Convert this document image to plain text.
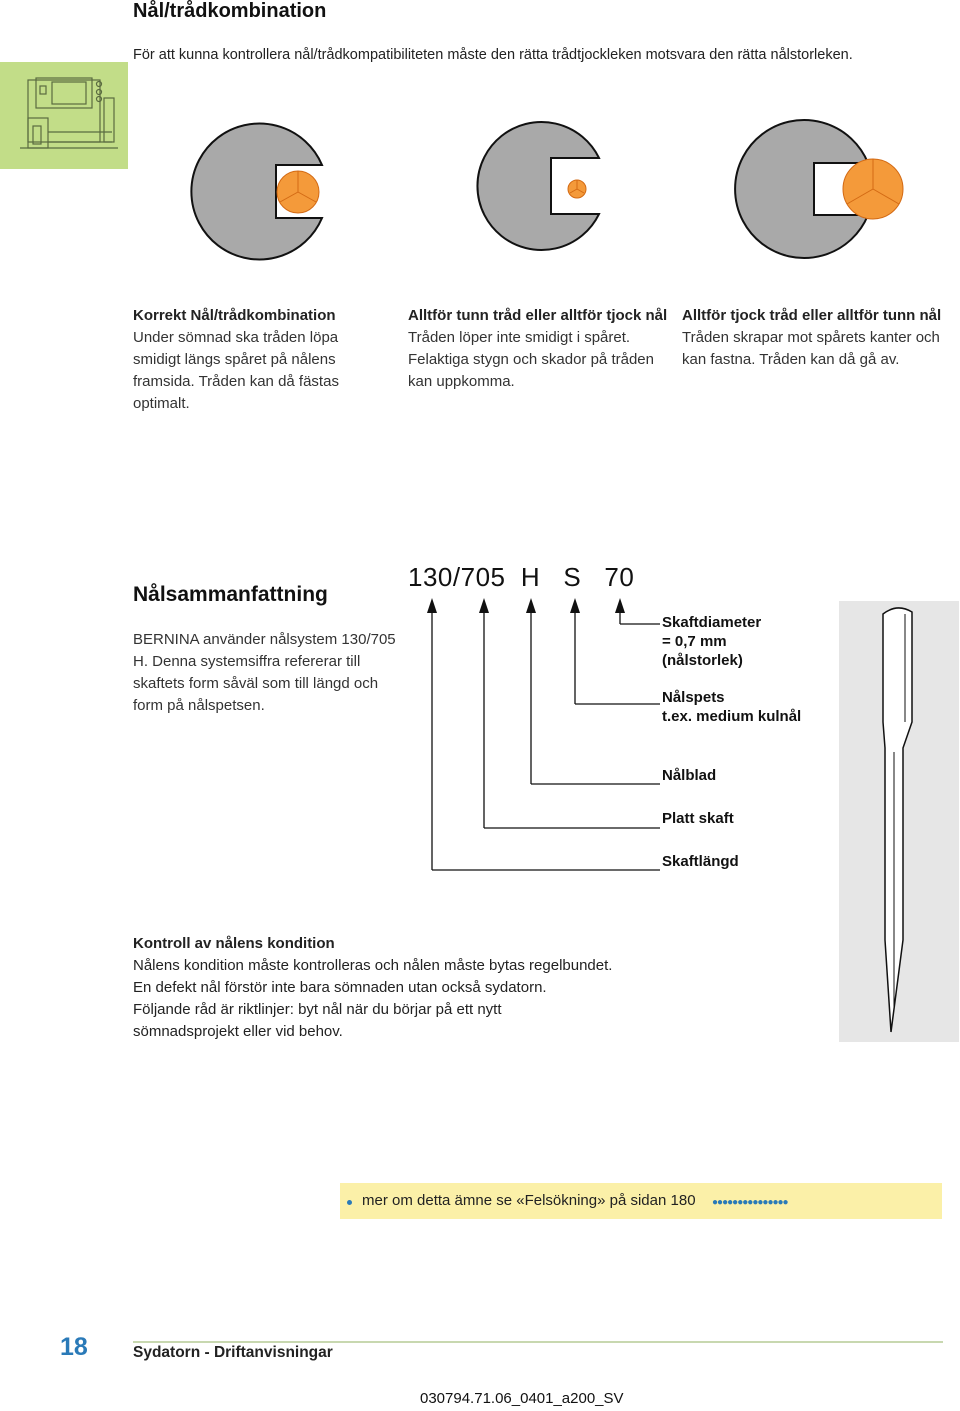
Nål/trådkombination
För att kunna kontrollera nål/trådkompatibiliteten måste den rätta trådtjockleken motsvara den rätta nålstorleken.
Korrekt Nål/trådkombination
Under sömnad ska tråden löpa smidigt längs spåret på nålens framsida. Tråden kan då fästas optimalt.
Alltför tunn tråd eller alltför tjock nål
Tråden löper inte smidigt i spåret. Felaktiga stygn och skador på tråden kan uppkomma.
Alltför tjock tråd eller alltför tunn nål
Tråden skrapar mot spårets kanter och kan fastna. Tråden kan då gå av.
Nålsammanfattning
BERNINA använder nålsystem 130/705 H. Denna systemsiffra refererar till skaftets form såväl som till längd och form på nålspetsen.
130/705  H   S   70
Skaftdiameter
= 0,7 mm
(nålstorlek)
Nålspets
t.ex. medium kulnål
Nålblad
Platt skaft
Skaftlängd
Kontroll av nålens kondition
Nålens kondition måste kontrolleras och nålen måste bytas regelbundet.
En defekt nål förstör inte bara sömnaden utan också sydatorn.
Följande råd är riktlinjer: byt nål när du börjar på ett nytt
sömnadsprojekt eller vid behov.
mer om detta ämne se «Felsökning» på sidan 180 ●●●●●●●●●●●●●●●
18	Sydatorn - Driftanvisningar
030794.71.06_0401_a200_SV
